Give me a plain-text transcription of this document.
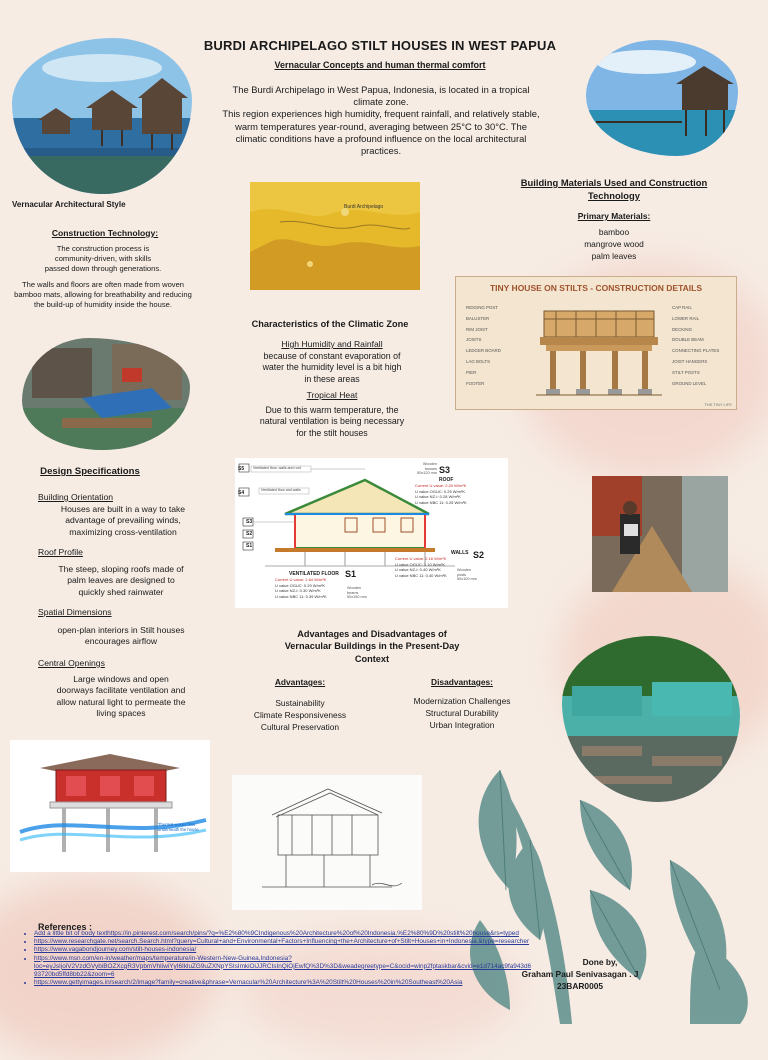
BURDI ARCHIPELAGO STILT HOUSES IN WEST PAPUA
Vernacular Concepts and human thermal comfort
The Burdi Archipelago in West Papua, Indonesia, is located in a tropical
climate zone.
This region experiences high humidity, frequent rainfall, and relatively stable,
warm temperatures year-round, averaging between 25°C to 30°C. The
climatic conditions have a profound influence on the local architectural
practices.
Vernacular Architectural Style
Construction Technology:
The construction process is
community-driven, with skills
passed down through generations.
The walls and floors are often made from woven
bamboo mats, allowing for breathability and reducing
the build-up of humidity inside the house.
Burdi Archipelago
Building Materials Used and Construction
Technology
Primary Materials:
bamboo
mangrove wood
palm leaves
TINY HOUSE ON STILTS - CONSTRUCTION DETAILS
RIDGING POST
BALUSTER
RIM JOIST
JOISTS
LEDGER BOARD
LAG BOLTS
PIER
FOOTER
CAP RAIL
LOWER RAIL
DECKING
DOUBLE BEAM
CONNECTING PLATES
JOIST HANGERS
STILT POSTS
GROUND LEVEL
THE TINY LIFE
Characteristics of the Climatic Zone
High Humidity and Rainfall
because of constant evaporation of
water the humidity level is a bit high
in these areas
Tropical Heat
Due to this warm temperature, the
natural ventilation is being necessary
for the stilt houses
Design Specifications
Building Orientation
Houses are built in a way to take
advantage of prevailing winds,
maximizing cross-ventilation
Roof Profile
The steep, sloping roofs made of
palm leaves are designed to
quickly shed rainwater
Spatial Dimensions
open-plan interiors in Stilt houses
encourages airflow
Central Openings
Large windows and open
doorways facilitate ventilation and
allow natural light to permeate the
living spaces
S5
S4
S3
S2
S1
Ventilated floor, walls and roof
Ventilated floor and walls
S3
ROOF
Current U value: 2.20 W/m²K
U value OGUC: 0.25 W/m²K
U value NZ-I: 0.28 W/m²K
U value NBC 11: 0.25 W/m²K
Wooden
trusses
50x120 mm
WALLS S2
Current U value: 2.16 W/m²K
U value OGUC: 1.10 W/m²K
U value NZ-I: 0.40 W/m²K
U value NBC 11: 0.40 W/m²K
Wooden
posts
50x100 mm
VENTILATED FLOOR S1
Current U value: 2.64 W/m²K
U value OGUC: 0.29 W/m²K
U value NZ-I: 0.30 W/m²K
U value NBC 11: 0.39 W/m²K
Wooden
beams
50x150 mm
Advantages and Disadvantages of
Vernacular Buildings in the Present-Day
Context
Advantages:
Sustainability
Climate Responsiveness
Cultural Preservation
Disadvantages:
Modernization Challenges
Structural Durability
Urban Integration
Thermal waves flow
underneath the house
References :
• Add a little bit of body texthttps://in.pinterest.com/search/pins/?q=%E2%80%9CIndigenous%20Architecture%20of%20Indonesia.%E2%80%9D%20stilt%20house&rs=typed
• https://www.researchgate.net/search.Search.html?query=Cultural+and+Environmental+Factors+Influencing+the+Architecture+of+Stilt+Houses+in+Indonesia.&type=researcher
• https://www.vagabondjourney.com/stilt-houses-indonesia/
• https://www.msn.com/en-in/weather/maps/temperature/in-Western-New-Guinea,Indonesia?loc=eyJsIjoiV2VzdGVybiBOZXcgR3VpbmVhIiwiYyI6IkluZG9uZXNpYSIsImkiOiJJRCIsInQiOjEwfQ%3D%3D&weadegreetype=C&ocid=winp2fptaskbar&cvid=e1d714ac9fa943d693720bd5ffd8bb22&zoom=6
• https://www.gettyimages.in/search/2/image?family=creative&phrase=Vernacular%20Architecture%3A%20Stilt%20Houses%20in%20Southeast%20Asia
Done by,
Graham Paul Senivasagan . J
23BAR0005
